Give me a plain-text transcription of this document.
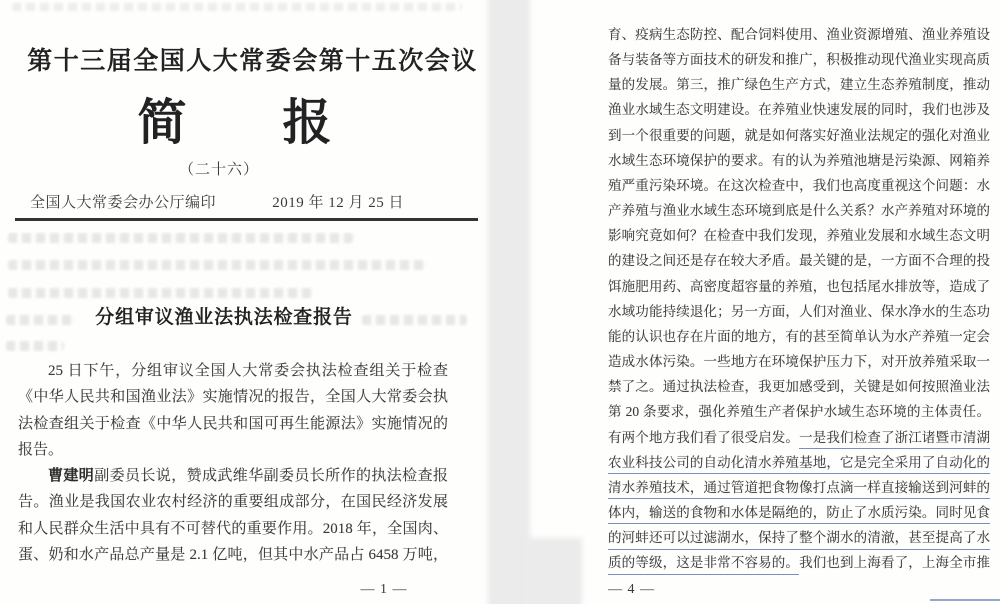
第十三届全国人大常委会第十五次会议
简 报
（二十六）
全国人大常委会办公厅编印	2019 年 12 月 25 日
分组审议渔业法执法检查报告
25 日下午，分组审议全国人大常委会执法检查组关于检查
《中华人民共和国渔业法》实施情况的报告，全国人大常委会执
法检查组关于检查《中华人民共和国可再生能源法》实施情况的
报告。
曹建明副委员长说，赞成武维华副委员长所作的执法检查报
告。渔业是我国农业农村经济的重要组成部分，在国民经济发展
和人民群众生活中具有不可替代的重要作用。2018 年，全国肉、
蛋、奶和水产品总产量是 2.1 亿吨，但其中水产品占 6458 万吨，
— 1 —
育、疫病生态防控、配合饲料使用、渔业资源增殖、渔业养殖设
备与装备等方面技术的研发和推广，积极推动现代渔业实现高质
量的发展。第三，推广绿色生产方式，建立生态养殖制度，推动
渔业水域生态文明建设。在养殖业快速发展的同时，我们也涉及
到一个很重要的问题，就是如何落实好渔业法规定的强化对渔业
水域生态环境保护的要求。有的认为养殖池塘是污染源、网箱养
殖严重污染环境。在这次检查中，我们也高度重视这个问题：水
产养殖与渔业水域生态环境到底是什么关系？水产养殖对环境的
影响究竟如何？在检查中我们发现，养殖业发展和水域生态文明
的建设之间还是存在较大矛盾。最关键的是，一方面不合理的投
饵施肥用药、高密度超容量的养殖，也包括尾水排放等，造成了
水域功能持续退化；另一方面，人们对渔业、保水净水的生态功
能的认识也存在片面的地方，有的甚至简单认为水产养殖一定会
造成水体污染。一些地方在环境保护压力下，对开放养殖采取一
禁了之。通过执法检查，我更加感受到，关键是如何按照渔业法
第 20 条要求，强化养殖生产者保护水域生态环境的主体责任。
有两个地方我们看了很受启发。一是我们检查了浙江诸暨市清湖
农业科技公司的自动化清水养殖基地，它是完全采用了自动化的
清水养殖技术，通过管道把食物像打点滴一样直接输送到河蚌的
体内，输送的食物和水体是隔绝的，防止了水质污染。同时见食
的河蚌还可以过滤湖水，保持了整个湖水的清澈，甚至提高了水
质的等级，这是非常不容易的。我们也到上海看了，上海全市推
— 4 —
